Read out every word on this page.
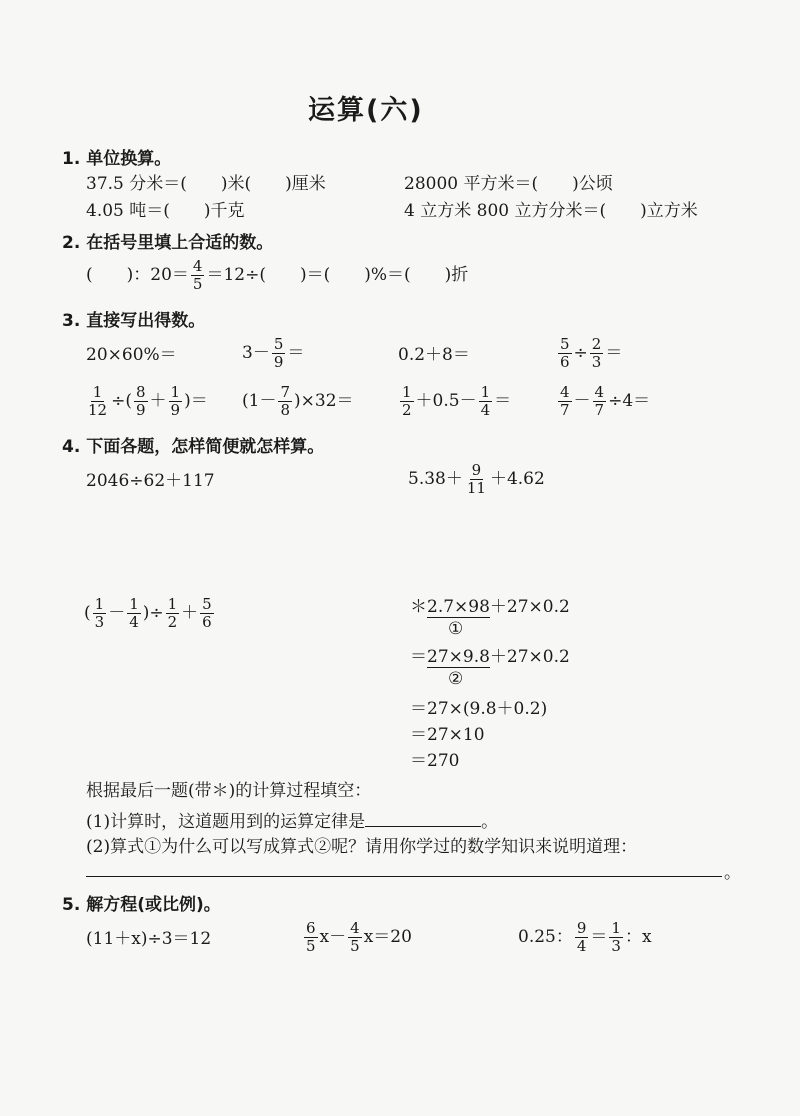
运算(六)
1. 单位换算。
37.5 分米＝(　　)米(　　)厘米	28000 平方米＝(　　)公顷
4.05 吨＝(　　)千克	4 立方米 800 立方分米＝(　　)立方米
2. 在括号里填上合适的数。
(　　)：$20= \frac{4}{5} =12\div$(　　)＝(　　)%＝(　　)折
3. 直接写出得数。
20×60%＝	$3- \frac{5}{9}$ ＝	0.2＋8＝	$\frac{5}{6} \div \frac{2}{3}$ ＝
$\frac{1}{12}$ ÷( $\frac{8}{9} + \frac{1}{9}$ )＝ $(1- \frac{7}{8} )\times 32=$	$\frac{1}{2} +0.5- \frac{1}{4}$ ＝	$\frac{4}{7} - \frac{4}{7} \div 4=$
4. 下面各题，怎样简便就怎样算。
2046÷62＋117	$5.38+ \frac{9}{11} +4.62$
( $\frac{1}{3} - \frac{1}{4}$ )÷ $\frac{1}{2} + \frac{5}{6}$	＊2.7×98＋27×0.2
①
＝27×9.8＋27×0.2
②
＝27×(9.8＋0.2)
＝27×10
＝270
根据最后一题(带＊)的计算过程填空：
(1)计算时，这道题用到的运算定律是	。
(2)算式①为什么可以写成算式②呢？请用你学过的数学知识来说明道理：
。
5. 解方程(或比例)。
(11＋x)÷3＝12	$\frac{6}{5} x- \frac{4}{5} x=20$	0.25： $\frac{9}{4} = \frac{1}{3}$ ：x
